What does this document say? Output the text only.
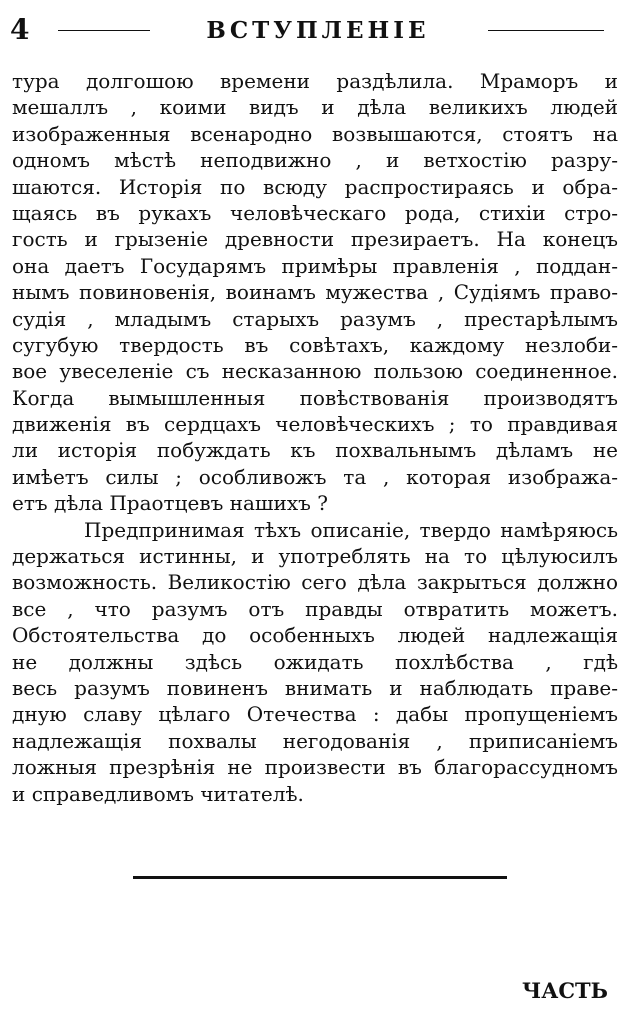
4	ВСТУПЛЕНIЕ
тура долгошою времени раздѣлила. Мраморъ и
мешаллъ , коими видъ и дѣла великихъ людей
изображенныя всенародно возвышаются, стоятъ на
одномъ мѣстѣ неподвижно , и ветхостiю разру-
шаются. Исторiя по всюду распростираясь и обра-
щаясь въ рукахъ человѣческаго рода, стихiи стро-
гость и грызенiе древности презираетъ. На конецъ
она даетъ Государямъ примѣры правленiя , поддан-
нымъ повиновенiя, воинамъ мужества , Судiямъ право-
судiя , младымъ старыхъ разумъ , престарѣлымъ
сугубую твердость въ совѣтахъ, каждому незлоби-
вое увеселенiе съ несказанною пользою соединенное.
Когда вымышленныя повѣствованiя производятъ
движенiя въ сердцахъ человѣческихъ ; то правдивая
ли исторiя побуждать къ похвальнымъ дѣламъ не
имѣетъ силы ; особливожъ та , которая изобража-
етъ дѣла Праотцевъ нашихъ ?
Предпринимая тѣхъ описанiе, твердо намѣряюсь
держаться истинны, и употреблять на то цѣлуюсилъ
возможность. Великостiю сего дѣла закрыться должно
все , что разумъ отъ правды отвратить можетъ.
Обстоятельства до особенныхъ людей надлежащiя
не должны здѣсь ожидать похлѣбства , гдѣ
весь разумъ повиненъ внимать и наблюдать праве-
дную славу цѣлаго Отечества : дабы пропущенiемъ
надлежащiя похвалы негодованiя , приписанiемъ
ложныя презрѣнiя не произвести въ благорассудномъ
и справедливомъ читателѣ.
ЧАСТЬ
